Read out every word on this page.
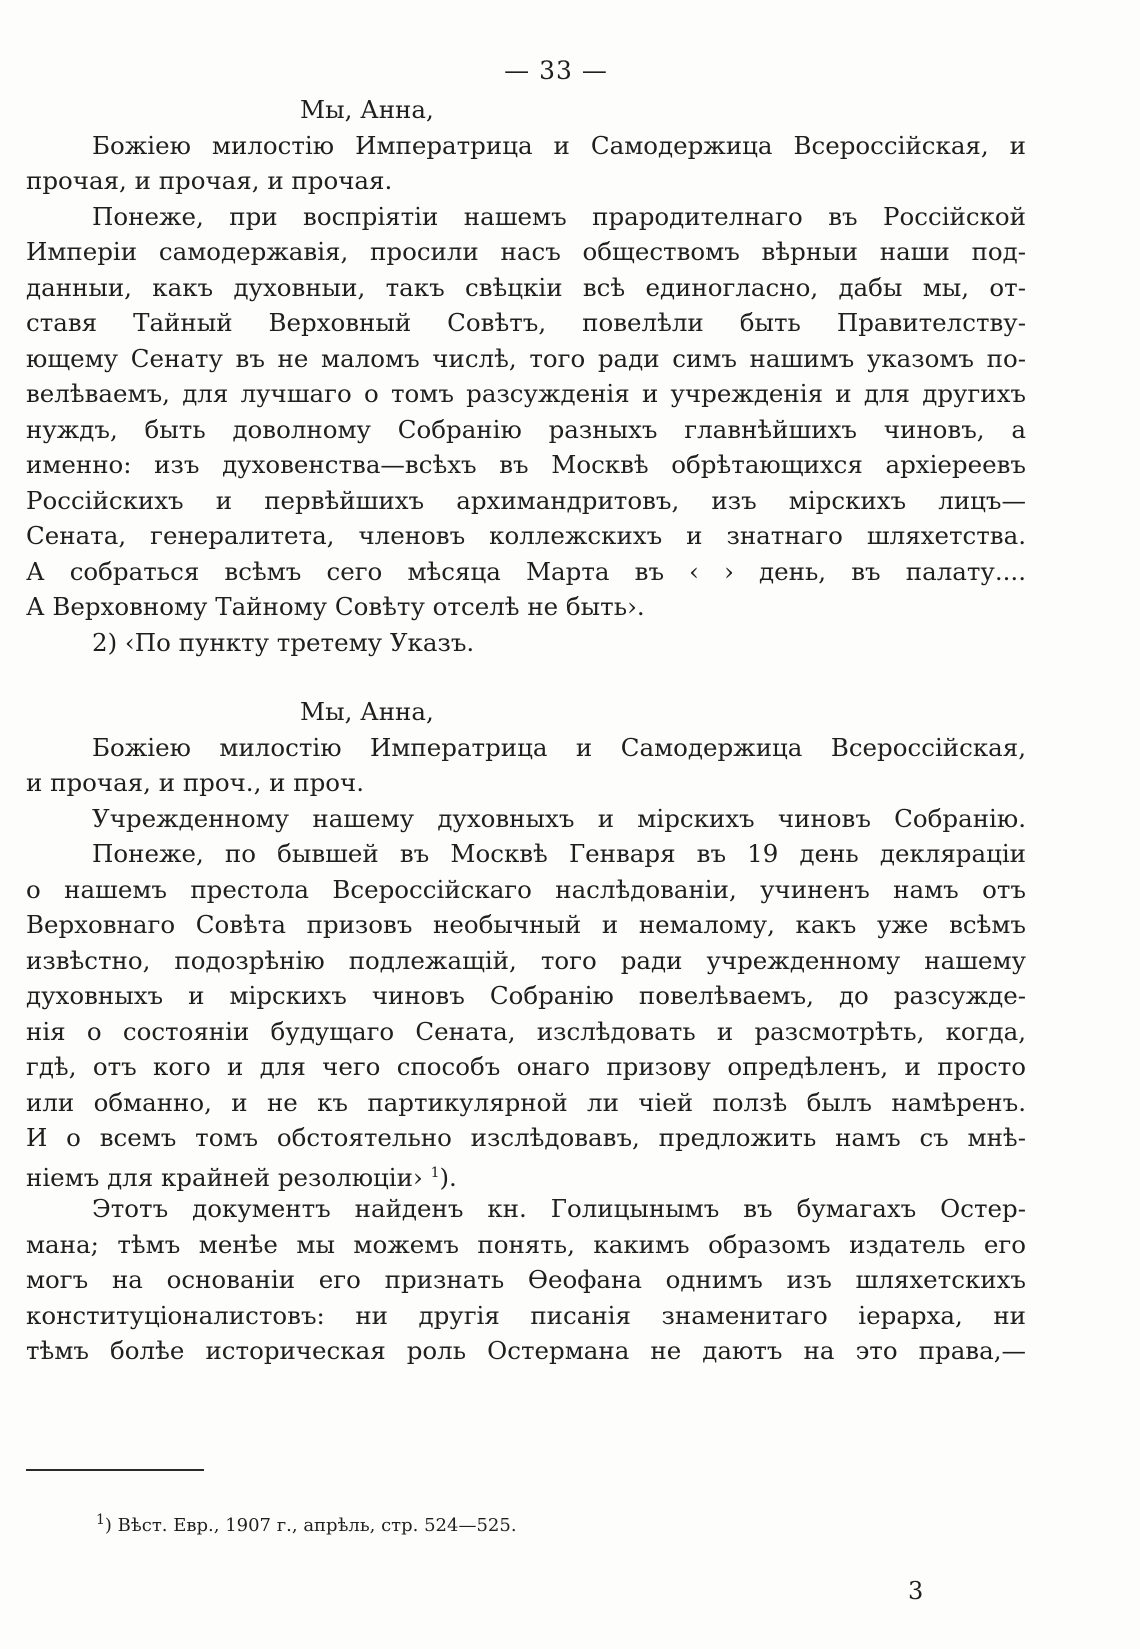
— 33 —
Мы, Анна,
Божiею милостiю Императрица и Самодержица Всероссiйская, и
прочая, и прочая, и прочая.
Понеже, при воспрiятiи нашемъ прародителнаго въ Россiйской
Имперiи самодержавiя, просили насъ обществомъ вѣрныи наши под-
данныи, какъ духовныи, такъ свѣцкiи всѣ единогласно, дабы мы, от-
ставя Тайный Верховный Совѣтъ, повелѣли быть Правителству-
ющему Сенату въ не маломъ числѣ, того ради симъ нашимъ указомъ по-
велѣваемъ, для лучшаго о томъ разсужденiя и учрежденiя и для другихъ
нуждъ, быть доволному Собранiю разныхъ главнѣйшихъ чиновъ, а
именно: изъ духовенства—всѣхъ въ Москвѣ обрѣтающихся архiереевъ
Россiйскихъ и первѣйшихъ архимандритовъ, изъ мiрскихъ лицъ—
Сената, генералитета, членовъ коллежскихъ и знатнаго шляхетства.
А собраться всѣмъ сего мѣсяца Марта въ ‹ › день, въ палату....
А Верховному Тайному Совѣту отселѣ не быть›.
2) ‹По пункту третему Указъ.
Мы, Анна,
Божiею милостiю Императрица и Самодержица Всероссiйская,
и прочая, и проч., и проч.
Учрежденному нашему духовныхъ и мiрскихъ чиновъ Собранiю.
Понеже, по бывшей въ Москвѣ Генваря въ 19 день декляраціи
о нашемъ престола Всероссiйскаго наслѣдованiи, учиненъ намъ отъ
Верховнаго Совѣта призовъ необычный и немалому, какъ уже всѣмъ
извѣстно, подозрѣнiю подлежащiй, того ради учрежденному нашему
духовныхъ и мiрскихъ чиновъ Собранiю повелѣваемъ, до разсужде-
нiя о состоянiи будущаго Сената, изслѣдовать и разсмотрѣть, когда,
гдѣ, отъ кого и для чего способъ онаго призову опредѣленъ, и просто
или обманно, и не къ партикулярной ли чiей ползѣ былъ намѣренъ.
И о всемъ томъ обстоятельно изслѣдовавъ, предложить намъ съ мнѣ-
нiемъ для крайней резолюціи› $^1$).
Этотъ документъ найденъ кн. Голицынымъ въ бумагахъ Остер-
мана; тѣмъ менѣе мы можемъ понять, какимъ образомъ издатель его
могъ на основанiи его признать Ѳеофана однимъ изъ шляхетскихъ
конституціоналистовъ: ни другiя писанiя знаменитаго iерарха, ни
тѣмъ болѣе историческая роль Остермана не даютъ на это права,—
$^1$) Вѣст. Евр., 1907 г., апрѣль, стр. 524—525.
3
